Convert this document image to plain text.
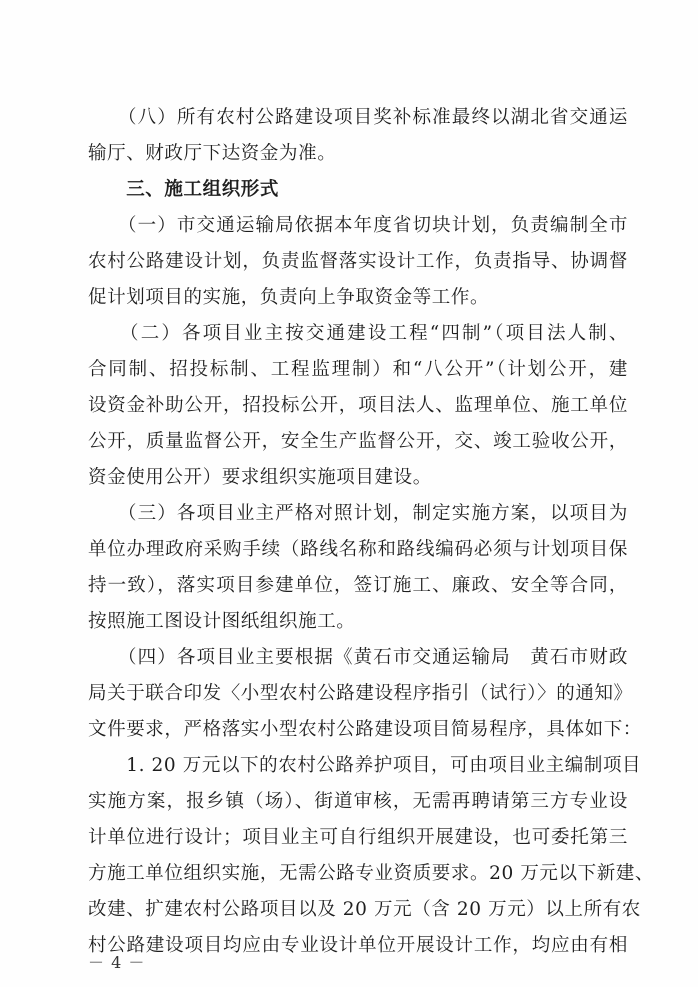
　　（八）所有农村公路建设项目奖补标准最终以湖北省交通运
输厅、财政厅下达资金为准。
　　三、施工组织形式
　　（一）市交通运输局依据本年度省切块计划，负责编制全市
农村公路建设计划，负责监督落实设计工作，负责指导、协调督
促计划项目的实施，负责向上争取资金等工作。
　　（二）各项目业主按交通建设工程“四制”（项目法人制、
合同制、招投标制、工程监理制）和“八公开”（计划公开，建
设资金补助公开，招投标公开，项目法人、监理单位、施工单位
公开，质量监督公开，安全生产监督公开，交、竣工验收公开，
资金使用公开）要求组织实施项目建设。
　　（三）各项目业主严格对照计划，制定实施方案，以项目为
单位办理政府采购手续（路线名称和路线编码必须与计划项目保
持一致），落实项目参建单位，签订施工、廉政、安全等合同，
按照施工图设计图纸组织施工。
　　（四）各项目业主要根据《黄石市交通运输局　黄石市财政
局关于联合印发〈小型农村公路建设程序指引（试行）〉的通知》
文件要求，严格落实小型农村公路建设项目简易程序，具体如下：
　　1. 20 万元以下的农村公路养护项目，可由项目业主编制项目
实施方案，报乡镇（场）、街道审核，无需再聘请第三方专业设
计单位进行设计；项目业主可自行组织开展建设，也可委托第三
方施工单位组织实施，无需公路专业资质要求。20 万元以下新建、
改建、扩建农村公路项目以及 20 万元（含 20 万元）以上所有农
村公路建设项目均应由专业设计单位开展设计工作，均应由有相
－ 4 －
